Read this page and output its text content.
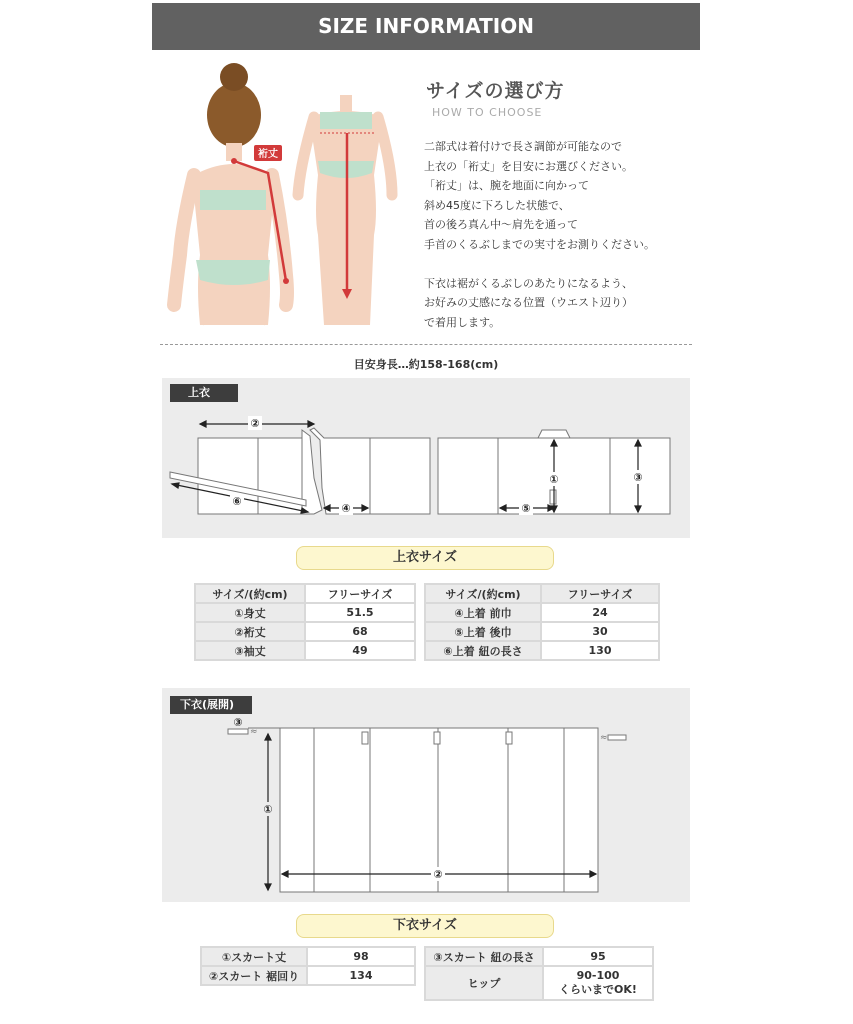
SIZE INFORMATION
裄丈
サイズの選び方
HOW TO CHOOSE
二部式は着付けで長さ調節が可能なので
上衣の「裄丈」を目安にお選びください。
「裄丈」は、腕を地面に向かって
斜め45度に下ろした状態で、
首の後ろ真ん中〜肩先を通って
手首のくるぶしまでの実寸をお測りください。
下衣は裾がくるぶしのあたりになるよう、
お好みの丈感になる位置（ウエスト辺り）
で着用します。
目安身長…約158-168(cm)
上衣
②
⑥
④
①
⑤
③
上衣サイズ
サイズ/(約cm)	フリーサイズ
①身丈	51.5
②裄丈	68
③袖丈	49
サイズ/(約cm)	フリーサイズ
④上着 前巾	24
⑤上着 後巾	30
⑥上着 紐の長さ	130
下衣(展開)
≈
≈
①
②
③
下衣サイズ
①スカート丈	98
②スカート 裾回り	134
③スカート 紐の長さ	95
ヒップ	90-100
くらいまでOK!
